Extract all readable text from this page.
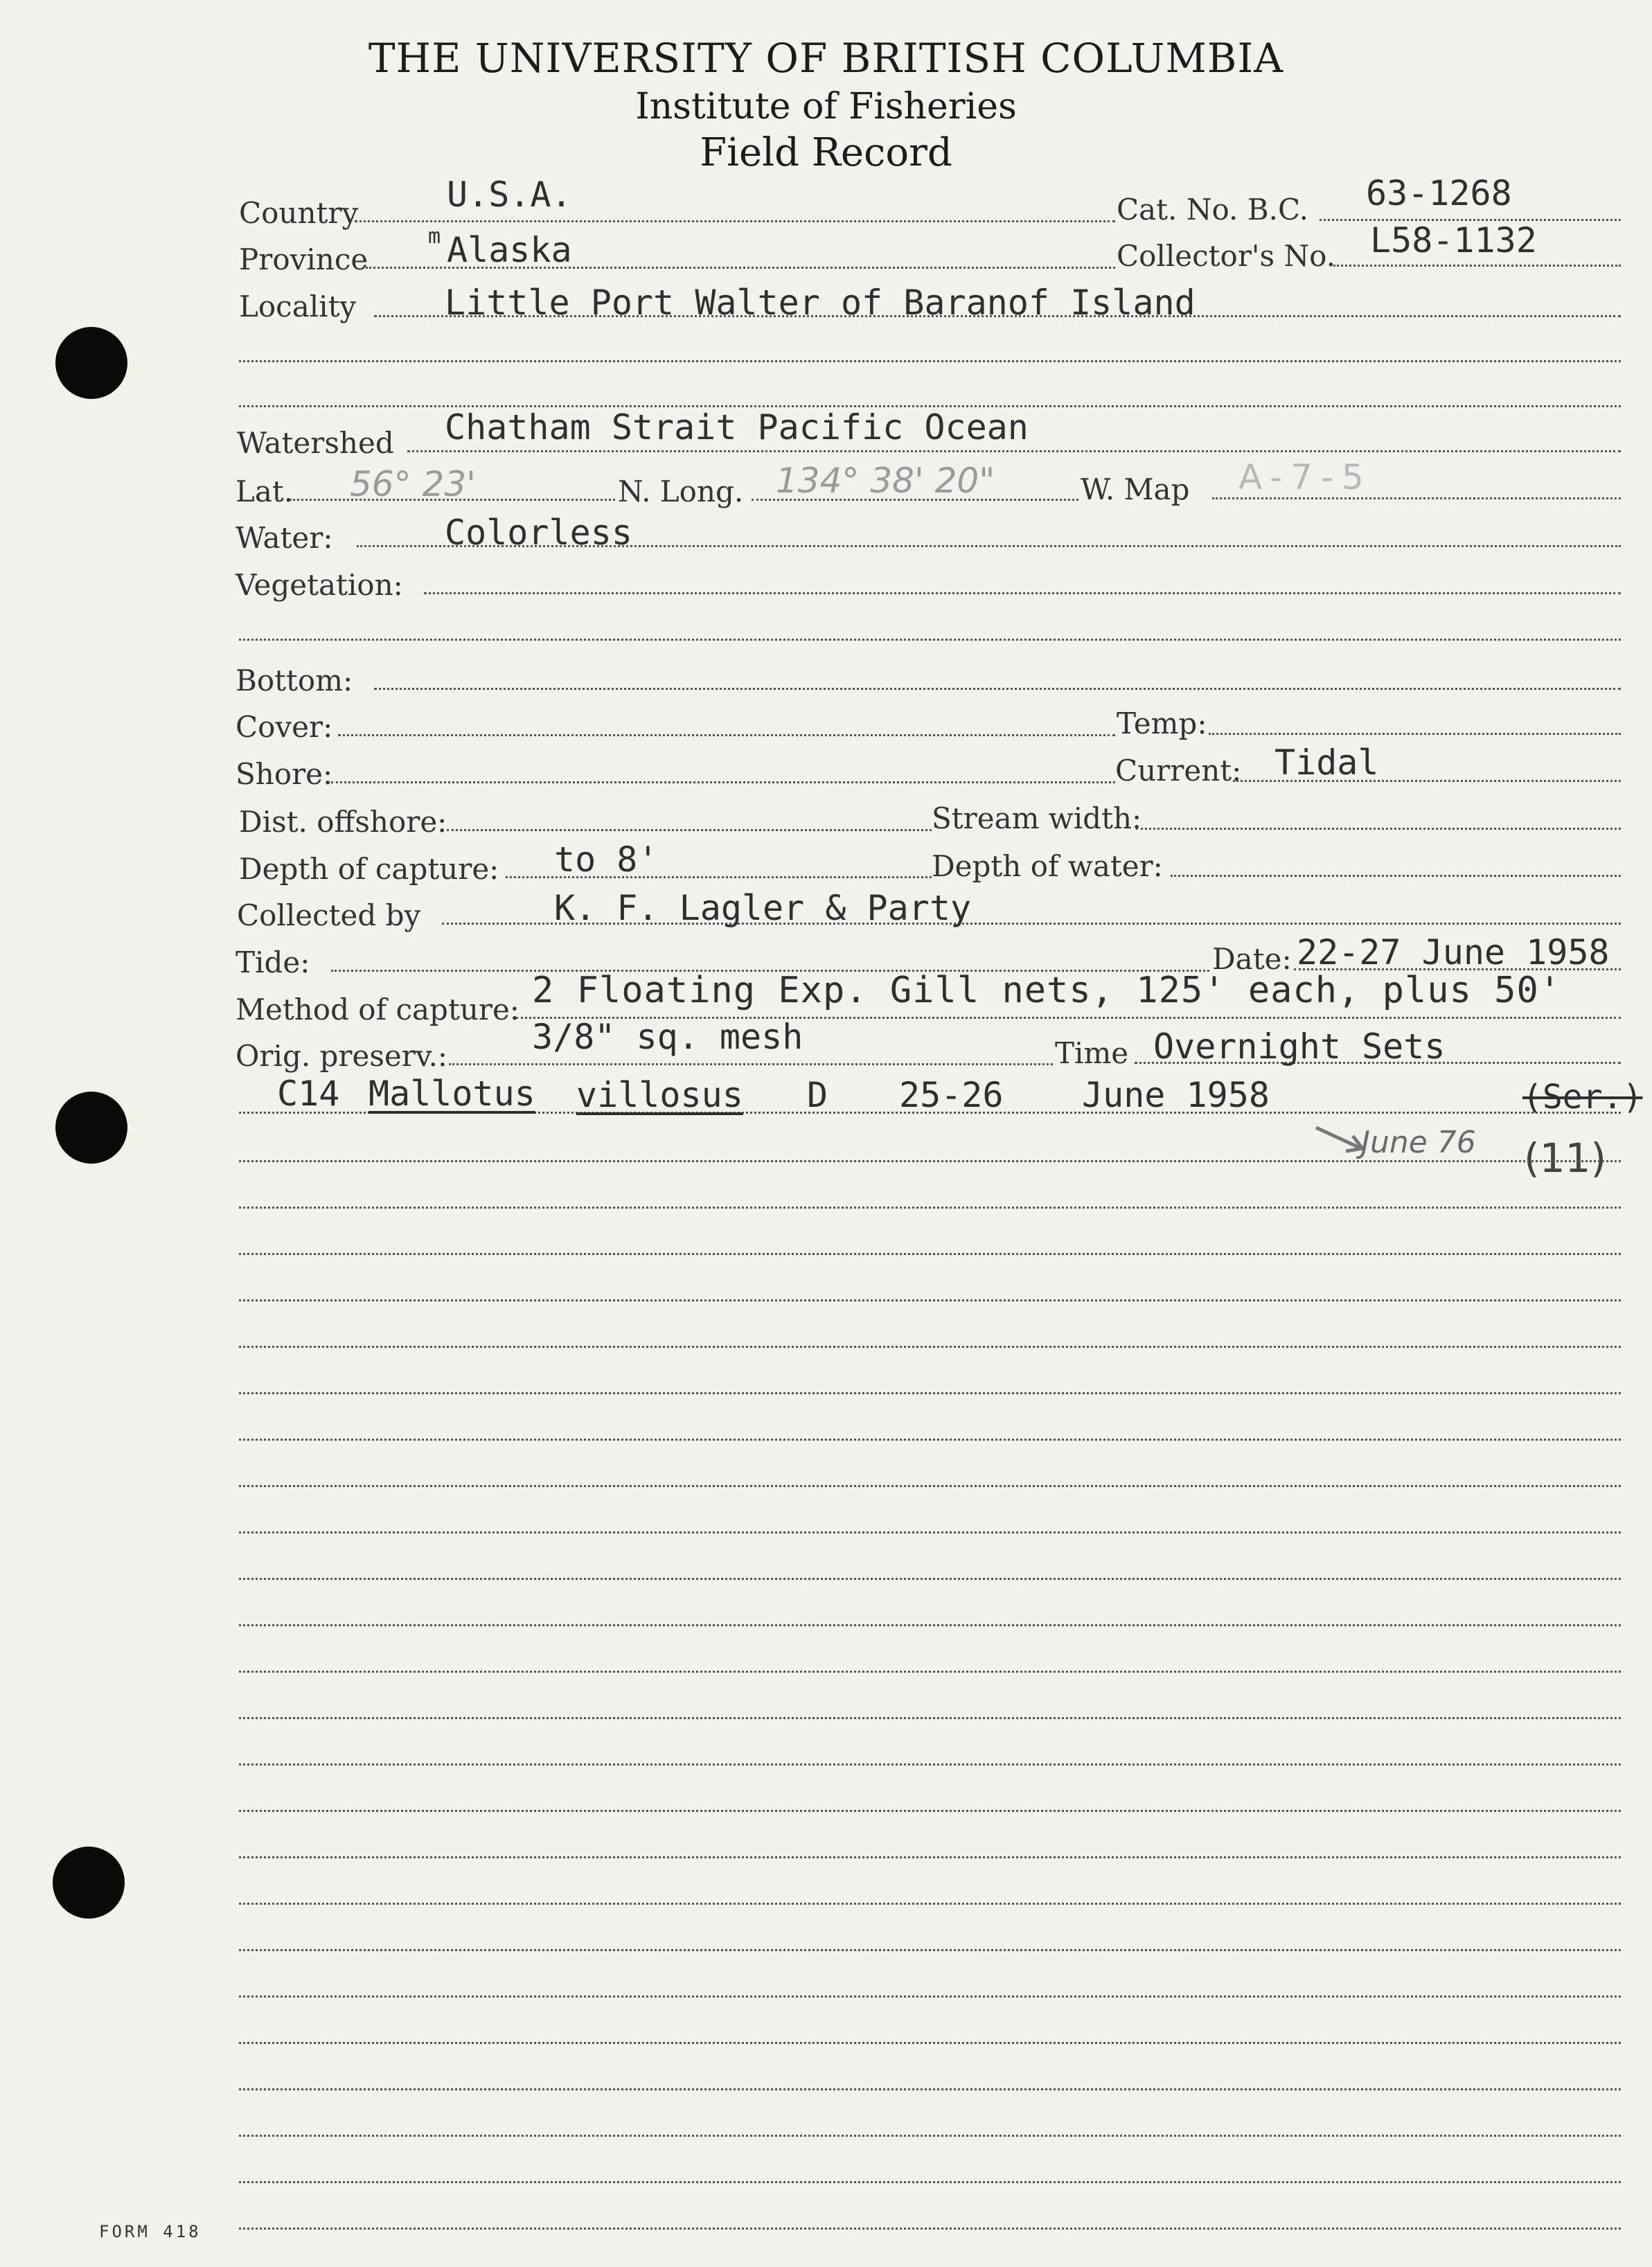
THE UNIVERSITY OF BRITISH COLUMBIA
Institute of Fisheries
Field Record
Country	U.S.A.	Cat. No. B.C. 63-1268
Province
m Alaska	Collector's No. L58-1132
Locality	Little Port Walter of Baranof Island
Watershed Chatham Strait Pacific Ocean
Lat. 56° 23'	N. Long. 134° 38' 20"	W. Map A-7-5
Water:	Colorless
Vegetation:
Bottom:
Cover:	Temp:
Shore:	Current: Tidal
Dist. offshore:	Stream width:
Depth of capture: to 8'	Depth of water:
Collected by	K. F. Lagler & Party
Tide:	Date: 22-27 June 1958
Method of capture: 2 Floating Exp. Gill nets, 125' each, plus 50'
Orig. preserv.: 3/8" sq. mesh	Time Overnight Sets
C14 Mallotus villosus D 25-26 June 1958	(Ser.)
June 76 (11)
FORM 418
